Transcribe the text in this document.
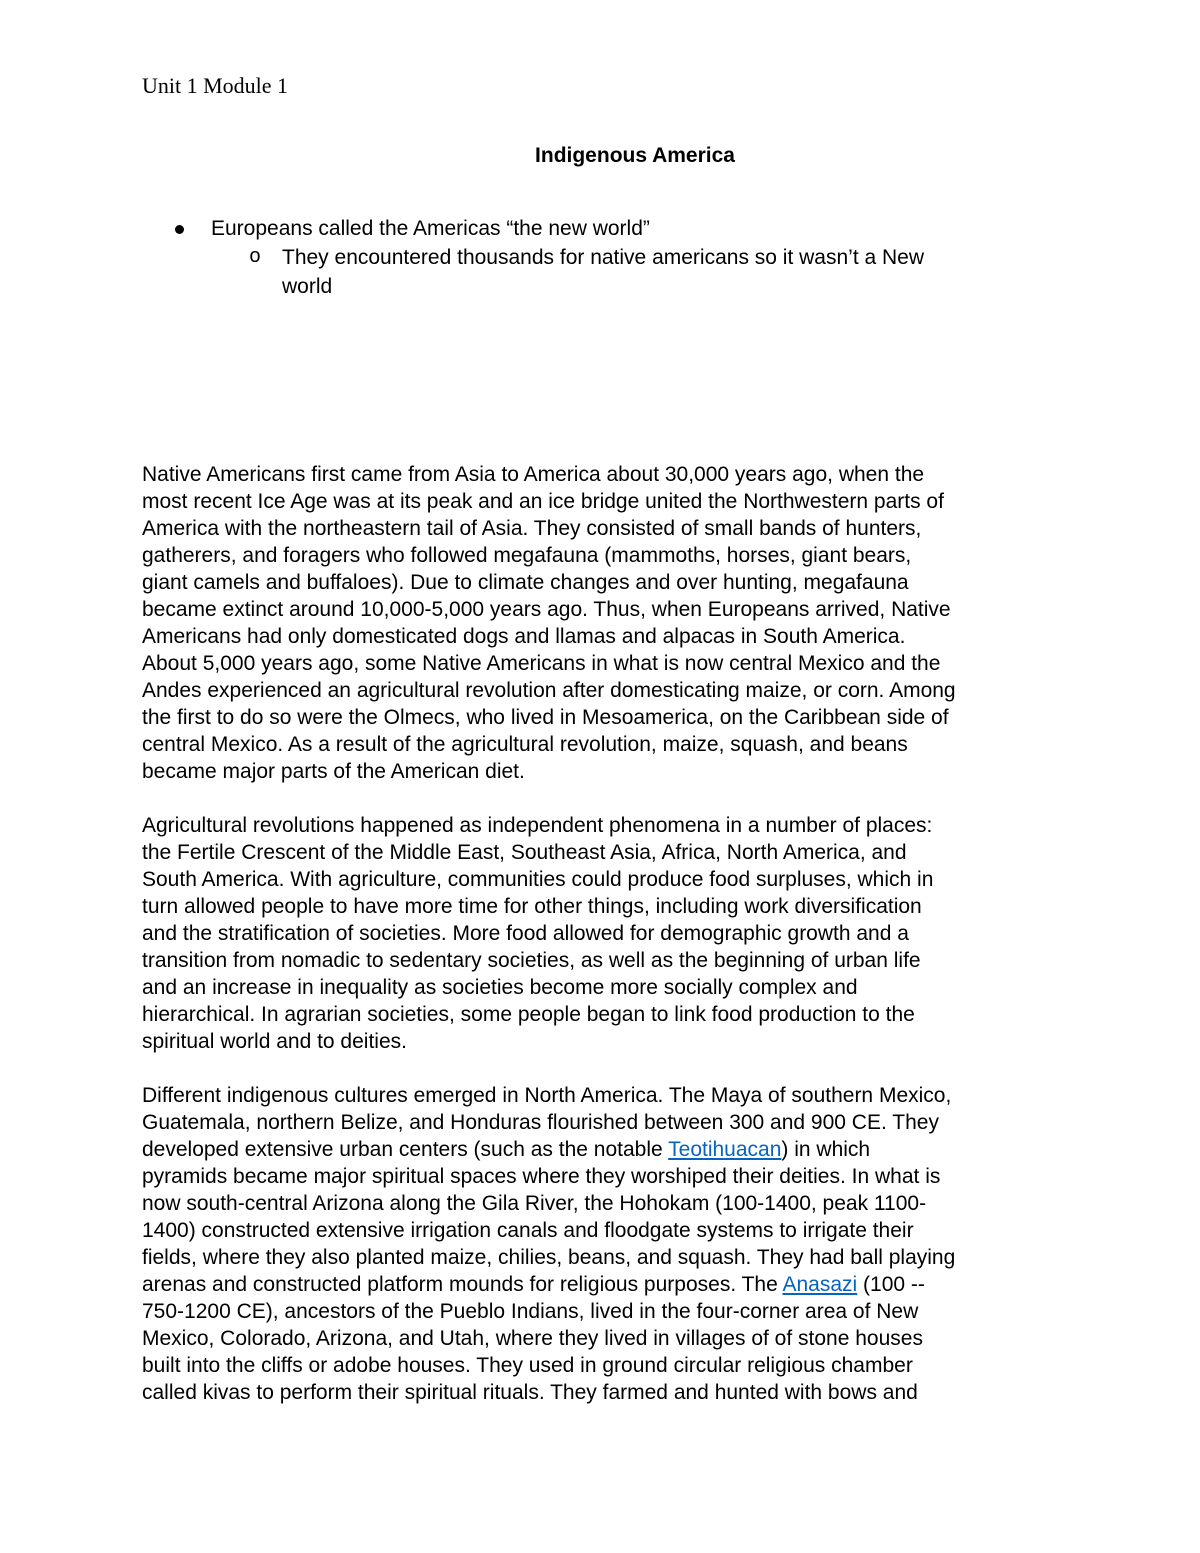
Unit 1 Module 1
Indigenous America
Europeans called the Americas “the new world”
o They encountered thousands for native americans so it wasn’t a New
world

Native Americans first came from Asia to America about 30,000 years ago, when the
most recent Ice Age was at its peak and an ice bridge united the Northwestern parts of
America with the northeastern tail of Asia. They consisted of small bands of hunters,
gatherers, and foragers who followed megafauna (mammoths, horses, giant bears,
giant camels and buffaloes). Due to climate changes and over hunting, megafauna
became extinct around 10,000-5,000 years ago. Thus, when Europeans arrived, Native
Americans had only domesticated dogs and llamas and alpacas in South America.
About 5,000 years ago, some Native Americans in what is now central Mexico and the
Andes experienced an agricultural revolution after domesticating maize, or corn. Among
the first to do so were the Olmecs, who lived in Mesoamerica, on the Caribbean side of
central Mexico. As a result of the agricultural revolution, maize, squash, and beans
became major parts of the American diet.

Agricultural revolutions happened as independent phenomena in a number of places:
the Fertile Crescent of the Middle East, Southeast Asia, Africa, North America, and
South America. With agriculture, communities could produce food surpluses, which in
turn allowed people to have more time for other things, including work diversification
and the stratification of societies. More food allowed for demographic growth and a
transition from nomadic to sedentary societies, as well as the beginning of urban life
and an increase in inequality as societies become more socially complex and
hierarchical. In agrarian societies, some people began to link food production to the
spiritual world and to deities.

Different indigenous cultures emerged in North America. The Maya of southern Mexico,
Guatemala, northern Belize, and Honduras flourished between 300 and 900 CE. They
developed extensive urban centers (such as the notable Teotihuacan) in which
pyramids became major spiritual spaces where they worshiped their deities. In what is
now south-central Arizona along the Gila River, the Hohokam (100-1400, peak 1100-
1400) constructed extensive irrigation canals and floodgate systems to irrigate their
fields, where they also planted maize, chilies, beans, and squash. They had ball playing
arenas and constructed platform mounds for religious purposes. The Anasazi (100 --
750-1200 CE), ancestors of the Pueblo Indians, lived in the four-corner area of New
Mexico, Colorado, Arizona, and Utah, where they lived in villages of of stone houses
built into the cliffs or adobe houses. They used in ground circular religious chamber
called kivas to perform their spiritual rituals. They farmed and hunted with bows and
